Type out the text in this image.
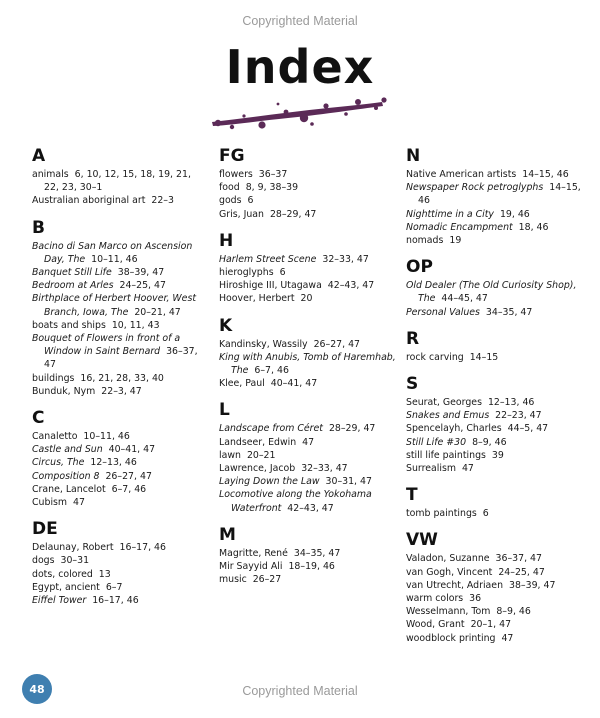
Copyrighted Material
Index
A
animals 6, 10, 12, 15, 18, 19, 21, 22, 23, 30–1
Australian aboriginal art 22–3
B
Bacino di San Marco on Ascension Day, The 10–11, 46
Banquet Still Life 38–39, 47
Bedroom at Arles 24–25, 47
Birthplace of Herbert Hoover, West Branch, Iowa, The 20–21, 47
boats and ships 10, 11, 43
Bouquet of Flowers in front of a Window in Saint Bernard 36–37, 47
buildings 16, 21, 28, 33, 40
Bunduk, Nym 22–3, 47
C
Canaletto 10–11, 46
Castle and Sun 40–41, 47
Circus, The 12–13, 46
Composition 8 26–27, 47
Crane, Lancelot 6–7, 46
Cubism 47
DE
Delaunay, Robert 16–17, 46
dogs 30–31
dots, colored 13
Egypt, ancient 6–7
Eiffel Tower 16–17, 46
FG
flowers 36–37
food 8, 9, 38–39
gods 6
Gris, Juan 28–29, 47
H
Harlem Street Scene 32–33, 47
hieroglyphs 6
Hiroshige III, Utagawa 42–43, 47
Hoover, Herbert 20
K
Kandinsky, Wassily 26–27, 47
King with Anubis, Tomb of Haremhab, The 6–7, 46
Klee, Paul 40–41, 47
L
Landscape from Céret 28–29, 47
Landseer, Edwin 47
lawn 20–21
Lawrence, Jacob 32–33, 47
Laying Down the Law 30–31, 47
Locomotive along the Yokohama Waterfront 42–43, 47
M
Magritte, René 34–35, 47
Mir Sayyid Ali 18–19, 46
music 26–27
N
Native American artists 14–15, 46
Newspaper Rock petroglyphs 14–15, 46
Nighttime in a City 19, 46
Nomadic Encampment 18, 46
nomads 19
OP
Old Dealer (The Old Curiosity Shop), The 44–45, 47
Personal Values 34–35, 47
R
rock carving 14–15
S
Seurat, Georges 12–13, 46
Snakes and Emus 22–23, 47
Spencelayh, Charles 44–5, 47
Still Life #30 8–9, 46
still life paintings 39
Surrealism 47
T
tomb paintings 6
VW
Valadon, Suzanne 36–37, 47
van Gogh, Vincent 24–25, 47
van Utrecht, Adriaen 38–39, 47
warm colors 36
Wesselmann, Tom 8–9, 46
Wood, Grant 20–1, 47
woodblock printing 47
48	Copyrighted Material
